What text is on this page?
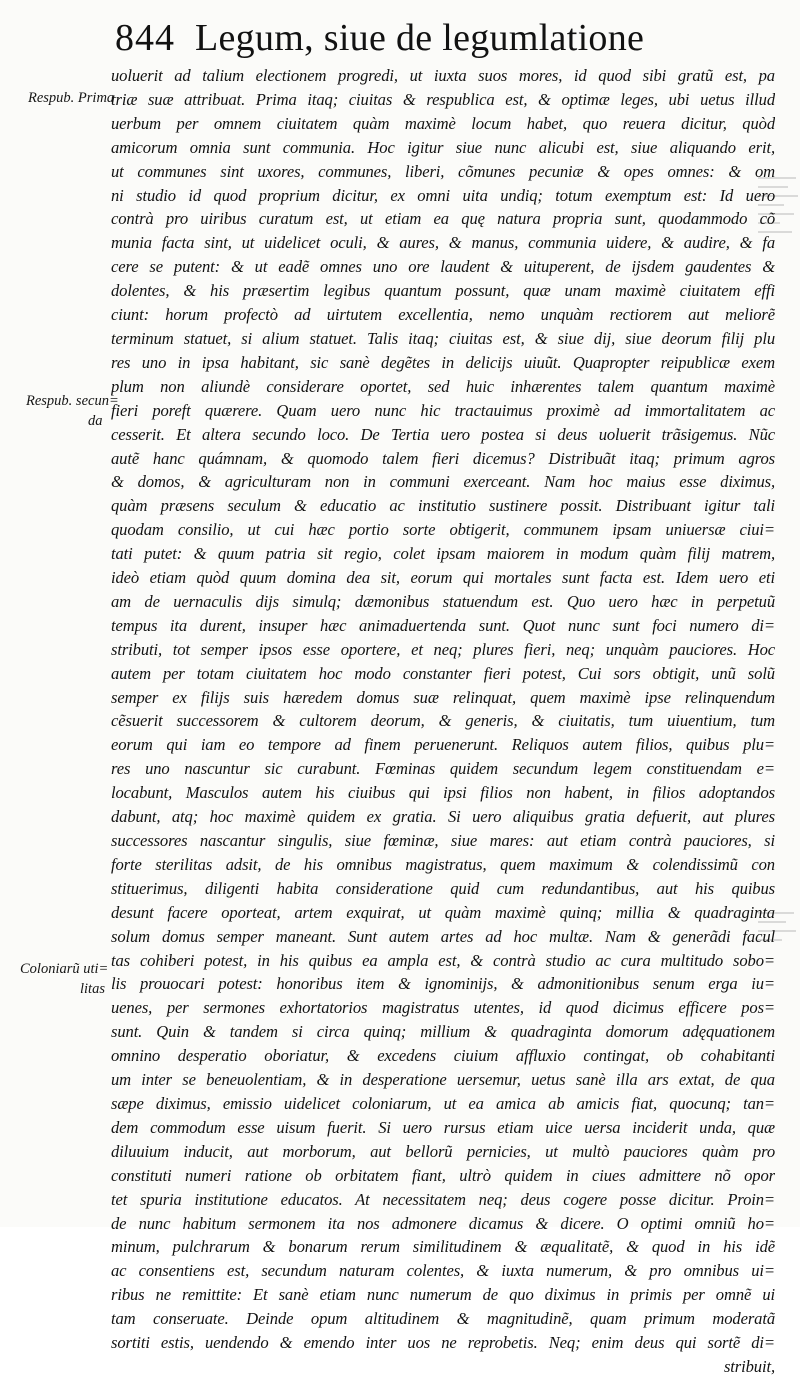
844 Legum, siue de legumlatione
Respub. Prima
Respub. secun=
da
Coloniarũ uti=
litas
uoluerit ad talium electionem progredi, ut iuxta suos mores, id quod sibi gratũ est, pa
triæ suæ attribuat. Prima itaq; ciuitas & respublica est, & optimæ leges, ubi uetus illud
uerbum per omnem ciuitatem quàm maximè locum habet, quo reuera dicitur, quòd
amicorum omnia sunt communia. Hoc igitur siue nunc alicubi est, siue aliquando erit,
ut communes sint uxores, communes, liberi, cõmunes pecuniæ & opes omnes: & om
ni studio id quod proprium dicitur, ex omni uita undiq; totum exemptum est: Id uero
contrà pro uiribus curatum est, ut etiam ea quę natura propria sunt, quodammodo cõ
munia facta sint, ut uidelicet oculi, & aures, & manus, communia uidere, & audire, & fa
cere se putent: & ut eadẽ omnes uno ore laudent & uituperent, de ijsdem gaudentes &
dolentes, & his præsertim legibus quantum possunt, quæ unam maximè ciuitatem effi
ciunt: horum profectò ad uirtutem excellentia, nemo unquàm rectiorem aut meliorẽ
terminum statuet, si alium statuet. Talis itaq; ciuitas est, & siue dij, siue deorum filij plu
res uno in ipsa habitant, sic sanè degẽtes in delicijs uiuũt. Quapropter reipublicæ exem
plum non aliundè considerare oportet, sed huic inhærentes talem quantum maximè
fieri poreft quærere. Quam uero nunc hic tractauimus proximè ad immortalitatem ac
cesserit. Et altera secundo loco. De Tertia uero postea si deus uoluerit trãsigemus. Nũc
autẽ hanc quámnam, & quomodo talem fieri dicemus? Distribuãt itaq; primum agros
& domos, & agriculturam non in communi exerceant. Nam hoc maius esse diximus,
quàm præsens seculum & educatio ac institutio sustinere possit. Distribuant igitur tali
quodam consilio, ut cui hæc portio sorte obtigerit, communem ipsam uniuersæ ciui=
tati putet: & quum patria sit regio, colet ipsam maiorem in modum quàm filij matrem,
ideò etiam quòd quum domina dea sit, eorum qui mortales sunt facta est. Idem uero eti
am de uernaculis dijs simulq; dæmonibus statuendum est. Quo uero hæc in perpetuũ
tempus ita durent, insuper hæc animaduertenda sunt. Quot nunc sunt foci numero di=
stributi, tot semper ipsos esse oportere, et neq; plures fieri, neq; unquàm pauciores. Hoc
autem per totam ciuitatem hoc modo constanter fieri potest, Cui sors obtigit, unũ solũ
semper ex filijs suis hæredem domus suæ relinquat, quem maximè ipse relinquendum
cẽsuerit successorem & cultorem deorum, & generis, & ciuitatis, tum uiuentium, tum
eorum qui iam eo tempore ad finem peruenerunt. Reliquos autem filios, quibus plu=
res uno nascuntur sic curabunt. Fœminas quidem secundum legem constituendam e=
locabunt, Masculos autem his ciuibus qui ipsi filios non habent, in filios adoptandos
dabunt, atq; hoc maximè quidem ex gratia. Si uero aliquibus gratia defuerit, aut plures
successores nascantur singulis, siue fœminæ, siue mares: aut etiam contrà pauciores, si
forte sterilitas adsit, de his omnibus magistratus, quem maximum & colendissimũ con
stituerimus, diligenti habita consideratione quid cum redundantibus, aut his quibus
desunt facere oporteat, artem exquirat, ut quàm maximè quinq; millia & quadraginta
solum domus semper maneant. Sunt autem artes ad hoc multæ. Nam & generãdi facul
tas cohiberi potest, in his quibus ea ampla est, & contrà studio ac cura multitudo sobo=
lis prouocari potest: honoribus item & ignominijs, & admonitionibus senum erga iu=
uenes, per sermones exhortatorios magistratus utentes, id quod dicimus efficere pos=
sunt. Quin & tandem si circa quinq; millium & quadraginta domorum adęquationem
omnino desperatio oboriatur, & excedens ciuium affluxio contingat, ob cohabitanti
um inter se beneuolentiam, & in desperatione uersemur, uetus sanè illa ars extat, de qua
sæpe diximus, emissio uidelicet coloniarum, ut ea amica ab amicis fiat, quocunq; tan=
dem commodum esse uisum fuerit. Si uero rursus etiam uice uersa inciderit unda, quæ
diluuium inducit, aut morborum, aut bellorũ pernicies, ut multò pauciores quàm pro
constituti numeri ratione ob orbitatem fiant, ultrò quidem in ciues admittere nõ opor
tet spuria institutione educatos. At necessitatem neq; deus cogere posse dicitur. Proin=
de nunc habitum sermonem ita nos admonere dicamus & dicere. O optimi omniũ ho=
minum, pulchrarum & bonarum rerum similitudinem & æqualitatẽ, & quod in his idẽ
ac consentiens est, secundum naturam colentes, & iuxta numerum, & pro omnibus ui=
ribus ne remittite: Et sanè etiam nunc numerum de quo diximus in primis per omnẽ ui
tam conseruate. Deinde opum altitudinem & magnitudinẽ, quam primum moderatã
sortiti estis, uendendo & emendo inter uos ne reprobetis. Neq; enim deus qui sortẽ di=
stribuit,
